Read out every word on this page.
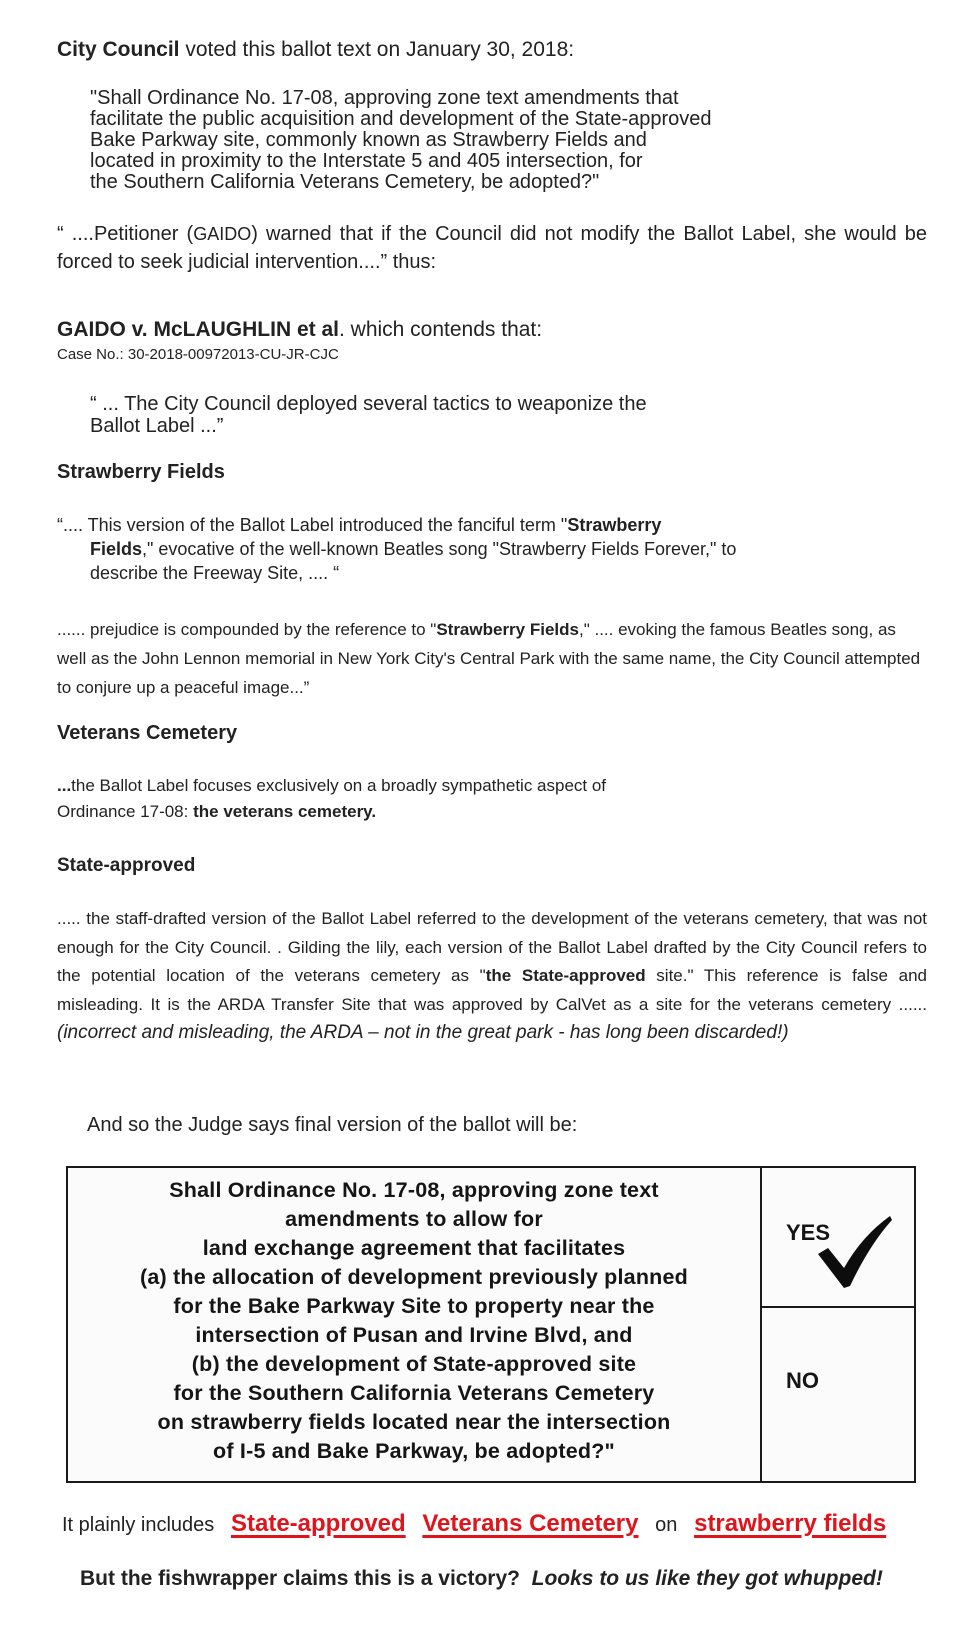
City Council voted this ballot text on January 30, 2018:

"Shall Ordinance No. 17-08, approving zone text amendments that

facilitate the public acquisition and development of the State-approved

Bake Parkway site, commonly known as Strawberry Fields and

located in proximity to the Interstate 5 and 405 intersection, for

the Southern California Veterans Cemetery, be adopted?"

“ ....Petitioner (GAIDO) warned that if the Council did not modify the Ballot Label, she would be forced to seek judicial intervention....” thus:
GAIDO v. McLAUGHLIN et al. which contends that:
Case No.: 30-2018-00972013-CU-JR-CJC

“ ... The City Council deployed several tactics to weaponize the

Ballot Label ...”

Strawberry Fields
“.... This version of the Ballot Label introduced the fanciful term "Strawberry
Fields," evocative of the well-known Beatles song "Strawberry Fields Forever," to
describe the Freeway Site, .... “
...... prejudice is compounded by the reference to "Strawberry Fields," .... evoking the famous Beatles song, as well as the John Lennon memorial in New York City's Central Park with the same name, the City Council attempted to conjure up a peaceful image...”
Veterans Cemetery

...the Ballot Label focuses exclusively on a broadly sympathetic aspect of

Ordinance 17-08: the veterans cemetery.

State-approved
..... the staff-drafted version of the Ballot Label referred to the development of the veterans cemetery, that was not enough for the City Council. . Gilding the lily, each version of the Ballot Label drafted by the City Council refers to the potential location of the veterans cemetery as "the State-approved site." This reference is false and misleading. It is the ARDA Transfer Site that was approved by CalVet as a site for the veterans cemetery ...... (incorrect and misleading, the ARDA – not in the great park - has long been discarded!)
And so the Judge says final version of the ballot will be:

Shall Ordinance No. 17-08, approving zone text

amendments to allow for

land exchange agreement that facilitates

(a) the allocation of development previously planned

for the Bake Parkway Site to property near the

intersection of Pusan and Irvine Blvd, and

(b) the development of State-approved site

for the Southern California Veterans Cemetery

on strawberry fields located near the intersection

of I-5 and Bake Parkway, be adopted?"

YES
NO
It plainly includes State-approved Veterans Cemetery on strawberry fields
But the fishwrapper claims this is a victory? Looks to us like they got whupped!
